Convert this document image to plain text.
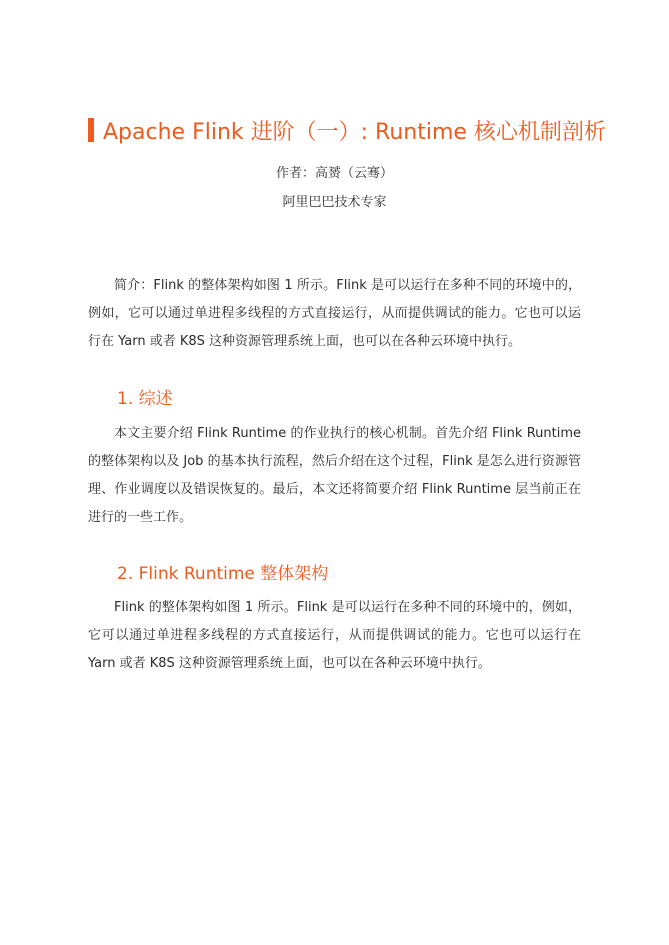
Apache Flink 进阶（一）: Runtime 核心机制剖析
作者：高赟（云骞）
阿里巴巴技术专家

简介：Flink 的整体架构如图 1 所示。Flink 是可以运行在多种不同的环境中的，例如，它可以通过单进程多线程的方式直接运行，从而提供调试的能力。它也可以运行在 Yarn 或者 K8S 这种资源管理系统上面，也可以在各种云环境中执行。

1. 综述

本文主要介绍 Flink Runtime 的作业执行的核心机制。首先介绍 Flink Runtime 的整体架构以及 Job 的基本执行流程，然后介绍在这个过程，Flink 是怎么进行资源管理、作业调度以及错误恢复的。最后，本文还将简要介绍 Flink Runtime 层当前正在进行的一些工作。

2. Flink Runtime 整体架构

Flink 的整体架构如图 1 所示。Flink 是可以运行在多种不同的环境中的，例如，它可以通过单进程多线程的方式直接运行，从而提供调试的能力。它也可以运行在 Yarn 或者 K8S 这种资源管理系统上面，也可以在各种云环境中执行。
